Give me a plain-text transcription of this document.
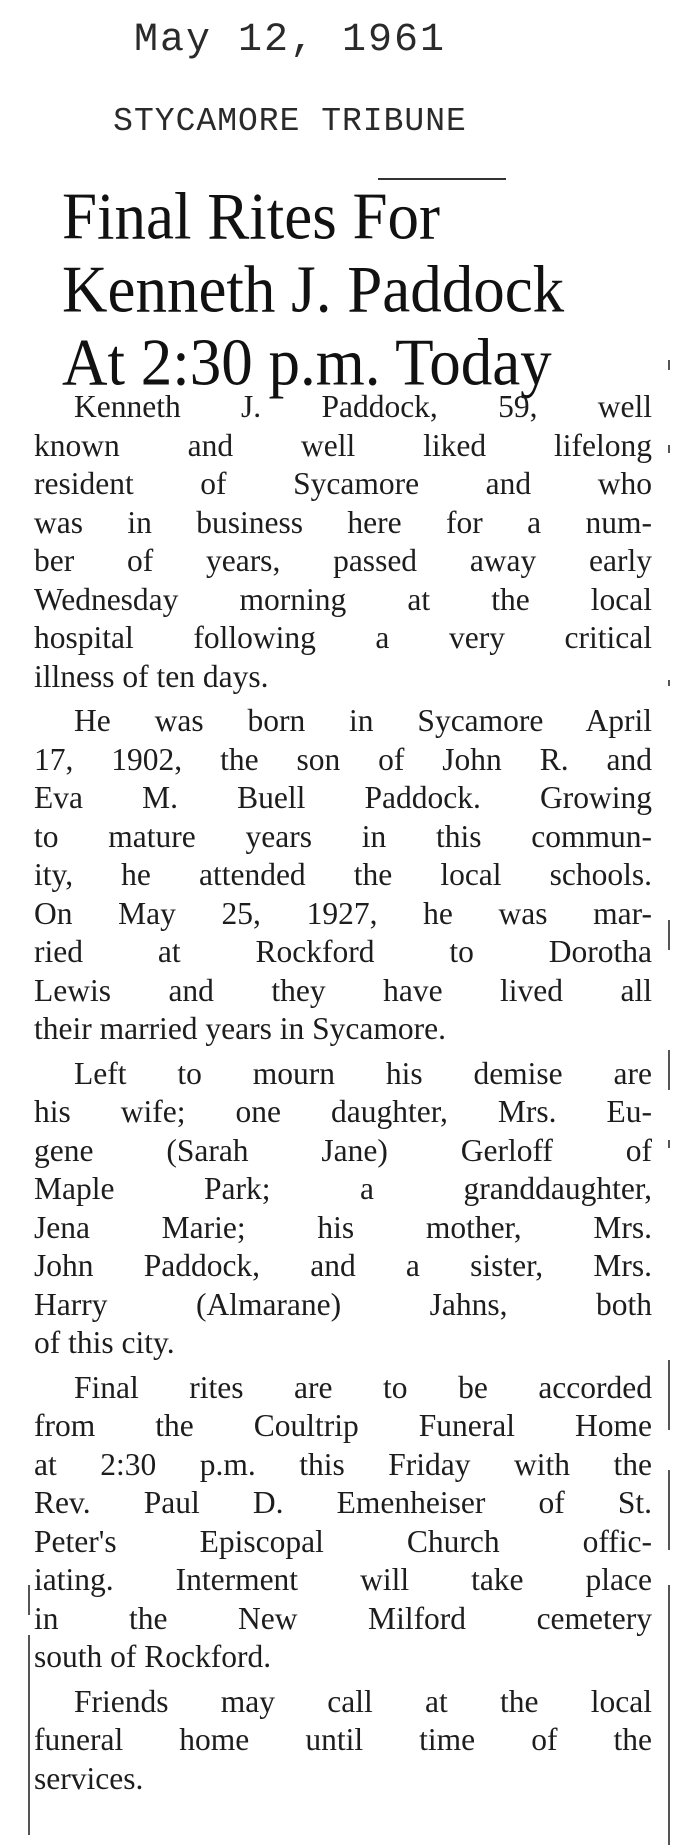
May 12, 1961
STYCAMORE TRIBUNE
Final Rites For
Kenneth J. Paddock
At 2:30 p.m. Today
Kenneth J. Paddock, 59, well
known and well liked lifelong
resident of Sycamore and who
was in business here for a num-
ber of years, passed away early
Wednesday morning at the local
hospital following a very critical
illness of ten days.
He was born in Sycamore April
17, 1902, the son of John R. and
Eva M. Buell Paddock. Growing
to mature years in this commun-
ity, he attended the local schools.
On May 25, 1927, he was mar-
ried at Rockford to Dorotha
Lewis and they have lived all
their married years in Sycamore.
Left to mourn his demise are
his wife; one daughter, Mrs. Eu-
gene (Sarah Jane) Gerloff of
Maple Park; a granddaughter,
Jena Marie; his mother, Mrs.
John Paddock, and a sister, Mrs.
Harry (Almarane) Jahns, both
of this city.
Final rites are to be accorded
from the Coultrip Funeral Home
at 2:30 p.m. this Friday with the
Rev. Paul D. Emenheiser of St.
Peter's Episcopal Church offic-
iating. Interment will take place
in the New Milford cemetery
south of Rockford.
Friends may call at the local
funeral home until time of the
services.
